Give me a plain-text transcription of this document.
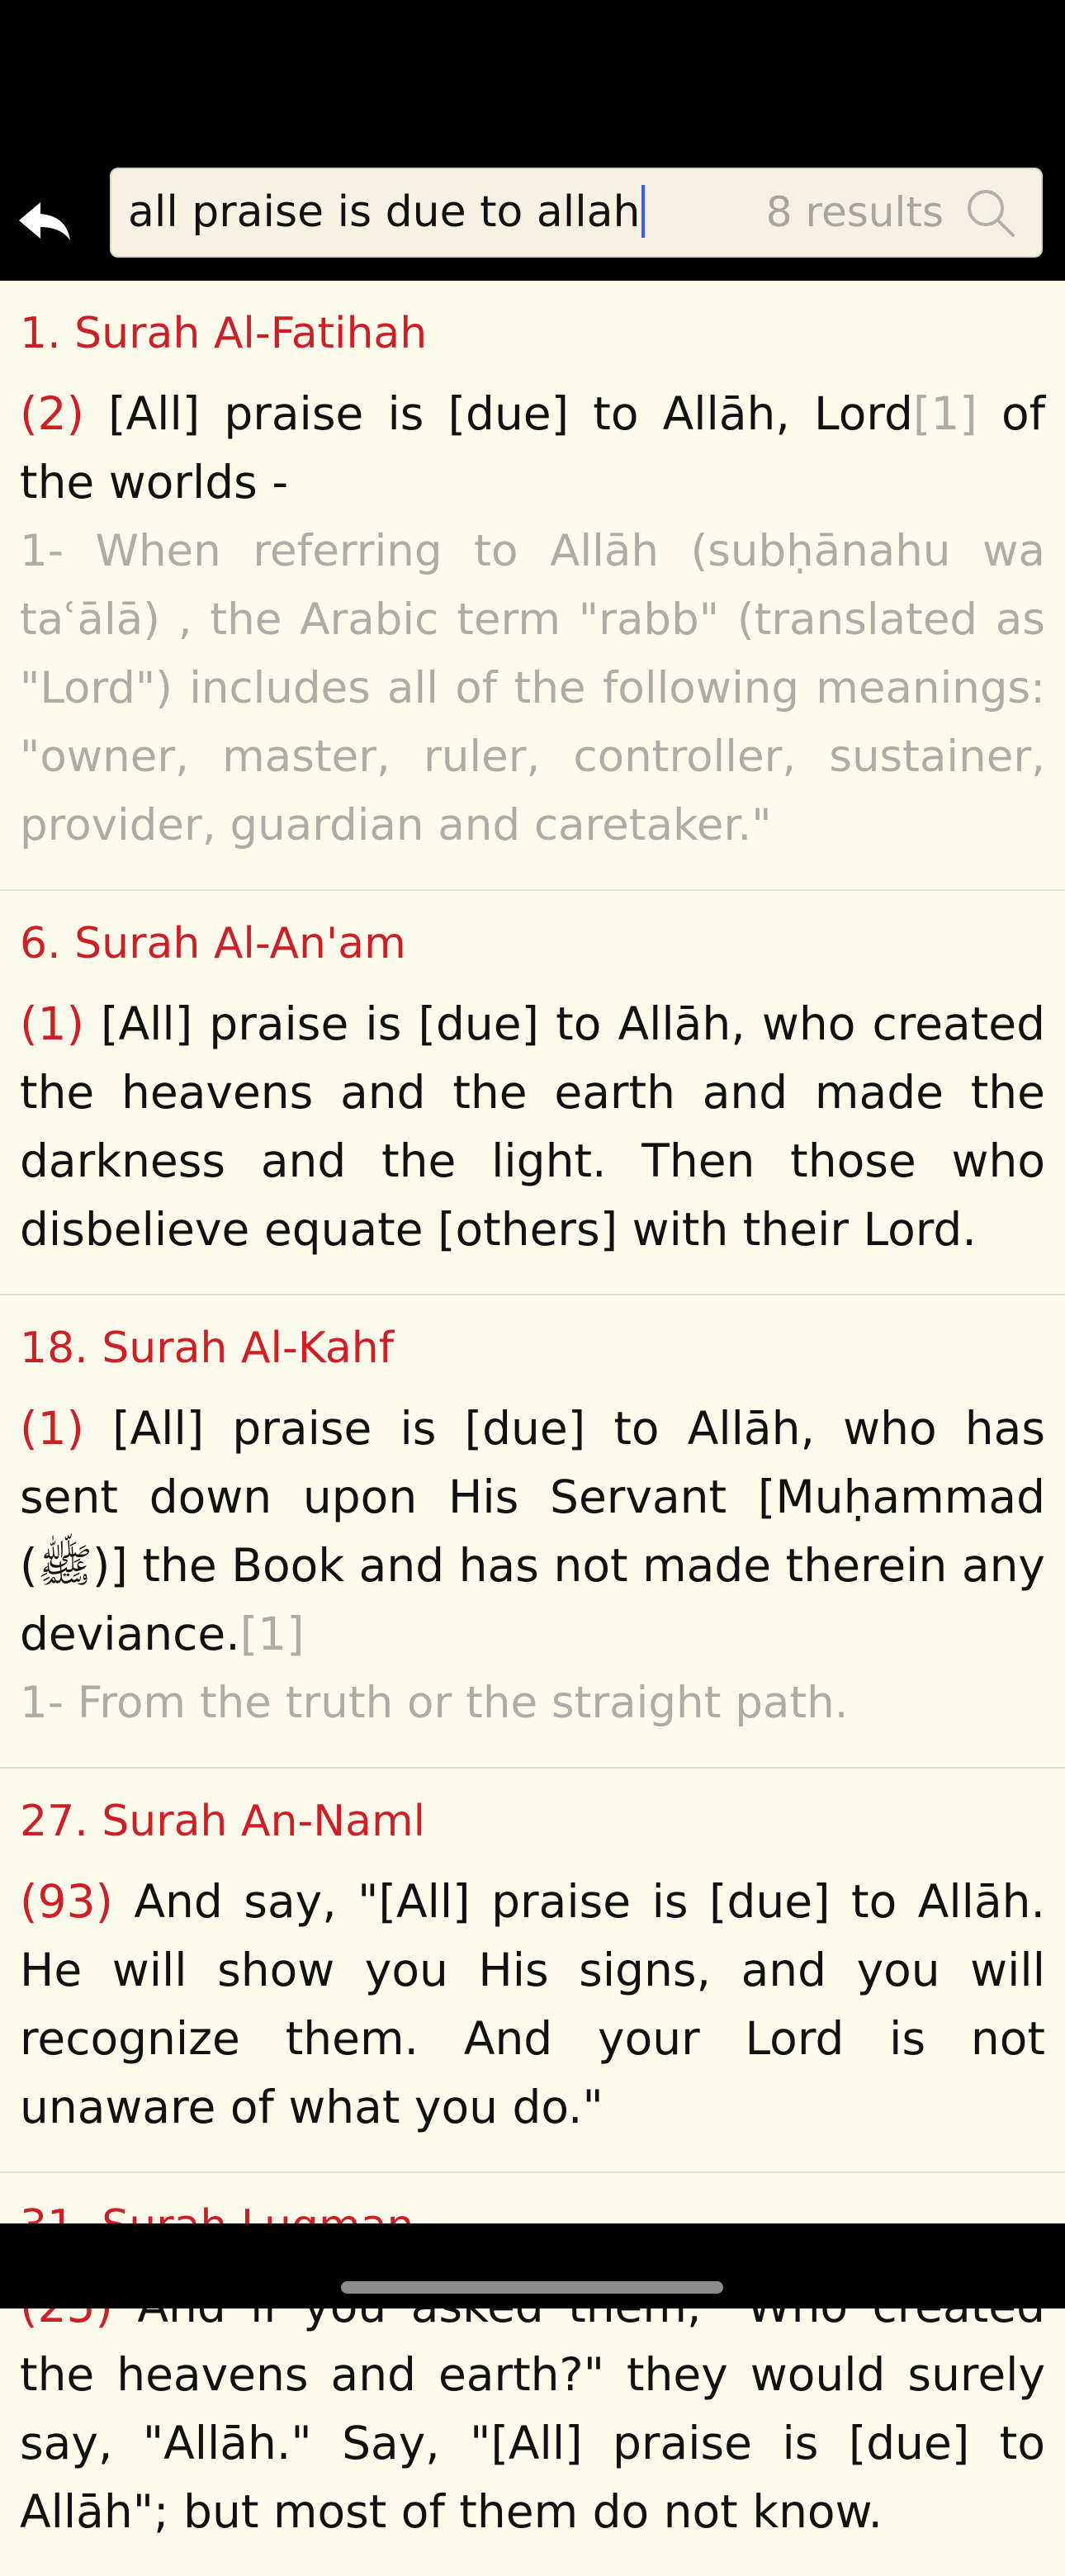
all praise is due to allah	8 results
1. Surah Al-Fatihah

(2) [All] praise is [due] to Allāh, Lord[1] of the worlds -

1- When referring to Allāh (subḥānahu wa taʿālā) , the Arabic term "rabb" (translated as "Lord") includes all of the following meanings: "owner, master, ruler, controller, sustainer, provider, guardian and caretaker."

6. Surah Al-An'am

(1) [All] praise is [due] to Allāh, who created the heavens and the earth and made the darkness and the light. Then those who disbelieve equate [others] with their Lord.

18. Surah Al-Kahf

(1) [All] praise is [due] to Allāh, who has sent down upon His Servant [Muḥammad (ﷺ)] the Book and has not made therein any deviance.[1]

1- From the truth or the straight path.

27. Surah An-Naml

(93) And say, "[All] praise is [due] to Allāh. He will show you His signs, and you will recognize them. And your Lord is not unaware of what you do."

the heavens and earth?" they would surely say, "Allāh." Say, "[All] praise is [due] to Allāh"; but most of them do not know.
